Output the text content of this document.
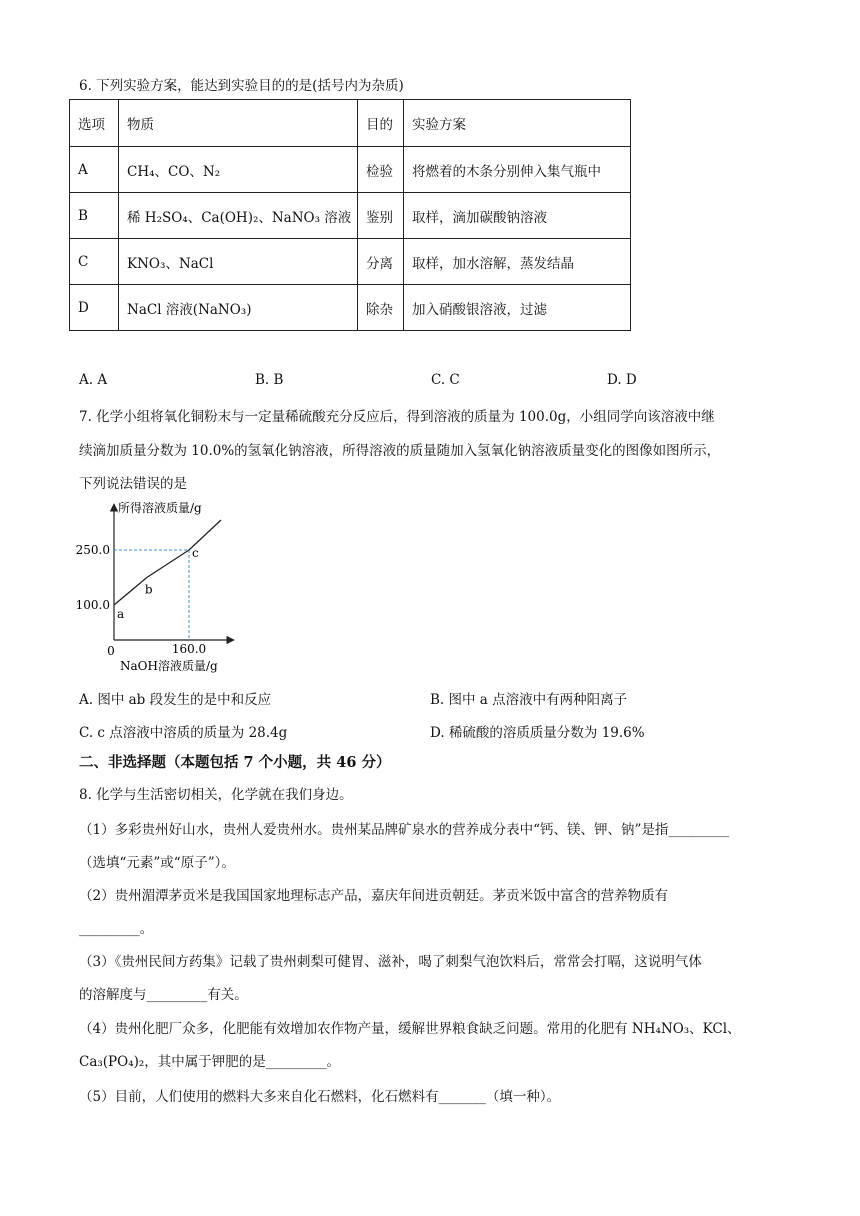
6. 下列实验方案，能达到实验目的的是(括号内为杂质)
选项	物质	目的	实验方案
A	CH₄、CO、N₂	检验	将燃着的木条分别伸入集气瓶中
B	稀 H₂SO₄、Ca(OH)₂、NaNO₃ 溶液	鉴别	取样，滴加碳酸钠溶液
C	KNO₃、NaCl	分离	取样，加水溶解，蒸发结晶
D	NaCl 溶液(NaNO₃)	除杂	加入硝酸银溶液，过滤
A. A	B. B	C. C	D. D
7. 化学小组将氧化铜粉末与一定量稀硫酸充分反应后，得到溶液的质量为 100.0g，小组同学向该溶液中继
续滴加质量分数为 10.0%的氢氧化钠溶液，所得溶液的质量随加入氢氧化钠溶液质量变化的图像如图所示，
下列说法错误的是
所得溶液质量/g
NaOH溶液质量/g
0
250.0
100.0
160.0
a
b
c
A. 图中 ab 段发生的是中和反应	B. 图中 a 点溶液中有两种阳离子
C. c 点溶液中溶质的质量为 28.4g	D. 稀硫酸的溶质质量分数为 19.6%
二、非选择题（本题包括 7 个小题，共 46 分）
8. 化学与生活密切相关，化学就在我们身边。
（1）多彩贵州好山水，贵州人爱贵州水。贵州某品牌矿泉水的营养成分表中“钙、镁、钾、钠”是指_________
（选填“元素”或“原子”）。
（2）贵州湄潭茅贡米是我国国家地理标志产品，嘉庆年间进贡朝廷。茅贡米饭中富含的营养物质有
_________。
（3）《贵州民间方药集》记载了贵州刺梨可健胃、滋补，喝了刺梨气泡饮料后，常常会打嗝，这说明气体
的溶解度与_________有关。
（4）贵州化肥厂众多，化肥能有效增加农作物产量，缓解世界粮食缺乏问题。常用的化肥有 NH₄NO₃、KCl、
Ca₃(PO₄)₂，其中属于钾肥的是_________。
（5）目前，人们使用的燃料大多来自化石燃料，化石燃料有_______（填一种）。
